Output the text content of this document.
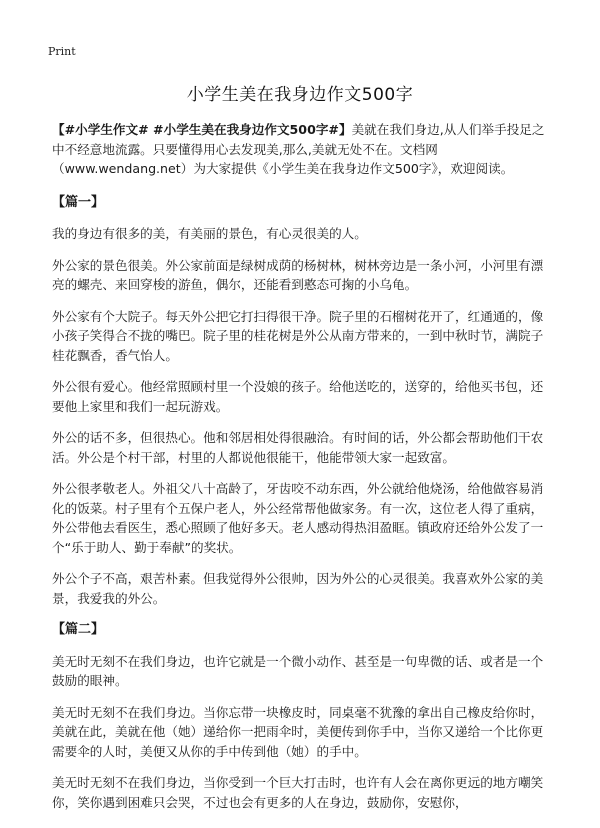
Print
小学生美在我身边作文500字

【#小学生作文# #小学生美在我身边作文500字#】美就在我们身边,从人们举手投足之中不经意地流露。只要懂得用心去发现美,那么,美就无处不在。文档网（www.wendang.net）为大家提供《小学生美在我身边作文500字》，欢迎阅读。

【篇一】

我的身边有很多的美，有美丽的景色，有心灵很美的人。

外公家的景色很美。外公家前面是绿树成荫的杨树林，树林旁边是一条小河，小河里有漂亮的螺壳、来回穿梭的游鱼，偶尔，还能看到憨态可掬的小乌龟。

外公家有个大院子。每天外公把它打扫得很干净。院子里的石榴树花开了，红通通的，像小孩子笑得合不拢的嘴巴。院子里的桂花树是外公从南方带来的，一到中秋时节，满院子桂花飘香，香气怡人。

外公很有爱心。他经常照顾村里一个没娘的孩子。给他送吃的，送穿的，给他买书包，还要他上家里和我们一起玩游戏。

外公的话不多，但很热心。他和邻居相处得很融洽。有时间的话，外公都会帮助他们干农活。外公是个村干部，村里的人都说他很能干，他能带领大家一起致富。

外公很孝敬老人。外祖父八十高龄了，牙齿咬不动东西，外公就给他烧汤，给他做容易消化的饭菜。村子里有个五保户老人，外公经常帮他做家务。有一次，这位老人得了重病，外公带他去看医生，悉心照顾了他好多天。老人感动得热泪盈眶。镇政府还给外公发了一个“乐于助人、勤于奉献”的奖状。

外公个子不高，艰苦朴素。但我觉得外公很帅，因为外公的心灵很美。我喜欢外公家的美景，我爱我的外公。

【篇二】

美无时无刻不在我们身边，也许它就是一个微小动作、甚至是一句卑微的话、或者是一个鼓励的眼神。

美无时无刻不在我们身边。当你忘带一块橡皮时，同桌毫不犹豫的拿出自己橡皮给你时，美就在此，美就在他（她）递给你一把雨伞时，美便传到你手中，当你又递给一个比你更需要伞的人时，美便又从你的手中传到他（她）的手中。

美无时无刻不在我们身边，当你受到一个巨大打击时，也许有人会在离你更远的地方嘲笑你，笑你遇到困难只会哭，不过也会有更多的人在身边，鼓励你，安慰你，
